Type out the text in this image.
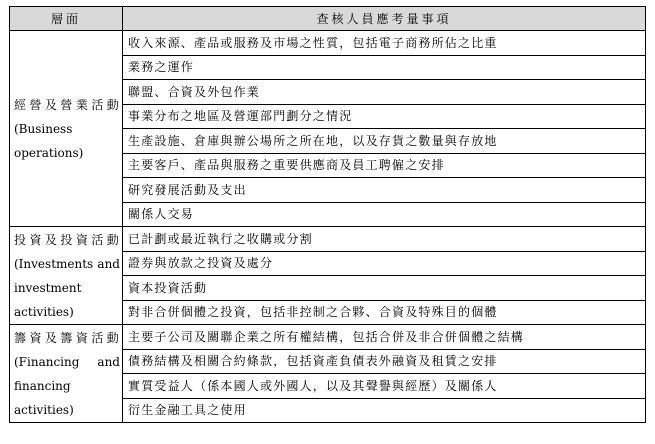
層面	查核人員應考量事項
經營及營業活動(Business operations)	收入來源、產品或服務及市場之性質，包括電子商務所佔之比重
	業務之運作
	聯盟、合資及外包作業
	事業分布之地區及營運部門劃分之情況
	生產設施、倉庫與辦公場所之所在地，以及存貨之數量與存放地
	主要客戶、產品與服務之重要供應商及員工聘僱之安排
	研究發展活動及支出
	關係人交易
投資及投資活動(Investments and investment activities)	已計劃或最近執行之收購或分割
	證券與放款之投資及處分
	資本投資活動
	對非合併個體之投資，包括非控制之合夥、合資及特殊目的個體
籌資及籌資活動(Financing and financing activities)	主要子公司及關聯企業之所有權結構，包括合併及非合併個體之結構
	債務結構及相關合約條款，包括資產負債表外融資及租賃之安排
	實質受益人（係本國人或外國人，以及其聲譽與經歷）及關係人
	衍生金融工具之使用
